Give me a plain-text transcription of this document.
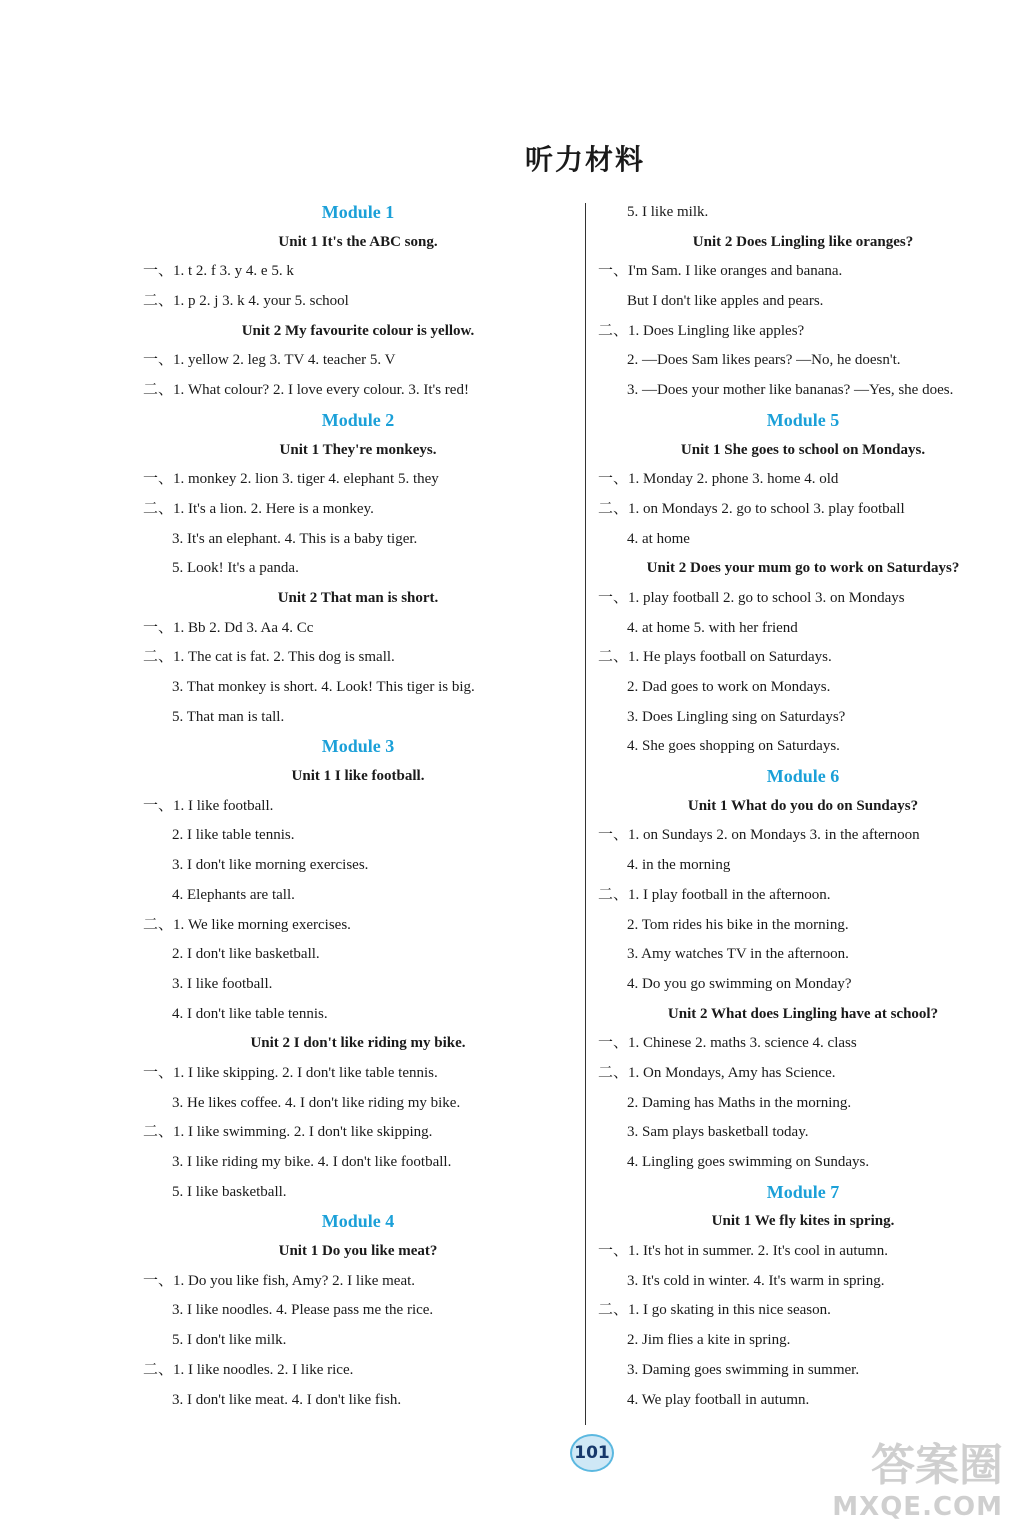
听力材料
Module 1
Unit 1 It's the ABC song.
一、1. t 2. f 3. y 4. e 5. k
二、1. p 2. j 3. k 4. your 5. school
Unit 2 My favourite colour is yellow.
一、1. yellow 2. leg 3. TV 4. teacher 5. V
二、1. What colour? 2. I love every colour. 3. It's red!
Module 2
Unit 1 They're monkeys.
一、1. monkey 2. lion 3. tiger 4. elephant 5. they
二、1. It's a lion. 2. Here is a monkey.
3. It's an elephant. 4. This is a baby tiger.
5. Look! It's a panda.
Unit 2 That man is short.
一、1. Bb 2. Dd 3. Aa 4. Cc
二、1. The cat is fat. 2. This dog is small.
3. That monkey is short. 4. Look! This tiger is big.
5. That man is tall.
Module 3
Unit 1 I like football.
一、1. I like football.
2. I like table tennis.
3. I don't like morning exercises.
4. Elephants are tall.
二、1. We like morning exercises.
2. I don't like basketball.
3. I like football.
4. I don't like table tennis.
Unit 2 I don't like riding my bike.
一、1. I like skipping. 2. I don't like table tennis.
3. He likes coffee. 4. I don't like riding my bike.
二、1. I like swimming. 2. I don't like skipping.
3. I like riding my bike. 4. I don't like football.
5. I like basketball.
Module 4
Unit 1 Do you like meat?
一、1. Do you like fish, Amy? 2. I like meat.
3. I like noodles. 4. Please pass me the rice.
5. I don't like milk.
二、1. I like noodles. 2. I like rice.
3. I don't like meat. 4. I don't like fish.
5. I like milk.
Unit 2 Does Lingling like oranges?
一、I'm Sam. I like oranges and banana.
But I don't like apples and pears.
二、1. Does Lingling like apples?
2. —Does Sam likes pears? —No, he doesn't.
3. —Does your mother like bananas? —Yes, she does.
Module 5
Unit 1 She goes to school on Mondays.
一、1. Monday 2. phone 3. home 4. old
二、1. on Mondays 2. go to school 3. play football
4. at home
Unit 2 Does your mum go to work on Saturdays?
一、1. play football 2. go to school 3. on Mondays
4. at home 5. with her friend
二、1. He plays football on Saturdays.
2. Dad goes to work on Mondays.
3. Does Lingling sing on Saturdays?
4. She goes shopping on Saturdays.
Module 6
Unit 1 What do you do on Sundays?
一、1. on Sundays 2. on Mondays 3. in the afternoon
4. in the morning
二、1. I play football in the afternoon.
2. Tom rides his bike in the morning.
3. Amy watches TV in the afternoon.
4. Do you go swimming on Monday?
Unit 2 What does Lingling have at school?
一、1. Chinese 2. maths 3. science 4. class
二、1. On Mondays, Amy has Science.
2. Daming has Maths in the morning.
3. Sam plays basketball today.
4. Lingling goes swimming on Sundays.
Module 7
Unit 1 We fly kites in spring.
一、1. It's hot in summer. 2. It's cool in autumn.
3. It's cold in winter. 4. It's warm in spring.
二、1. I go skating in this nice season.
2. Jim flies a kite in spring.
3. Daming goes swimming in summer.
4. We play football in autumn.
101	答案圈
MXQE.COM
